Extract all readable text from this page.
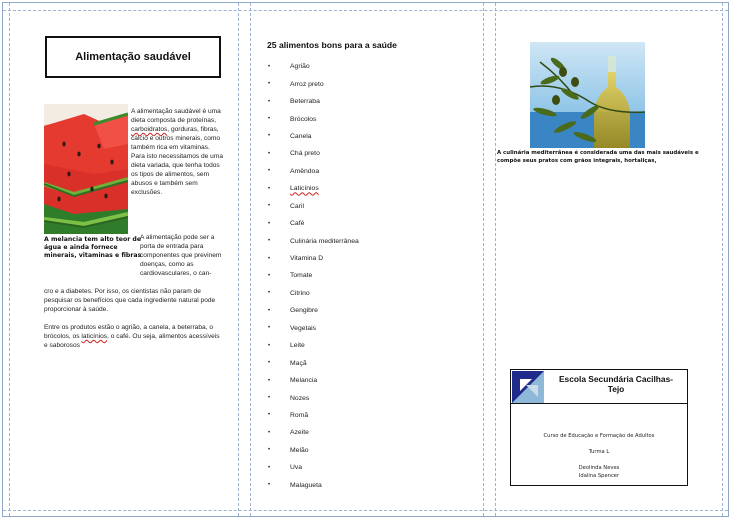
Alimentação saudável
A melancia tem alto teor de água e ainda fornece minerais, vitaminas e fibras
A alimentação saudável é uma dieta composta de proteínas, carboidratos, gorduras, fibras, cálcio e outros minerais, como também rica em vitaminas. Para isto necessitamos de uma dieta variada, que tenha todos os tipos de alimentos, sem abusos e também sem exclusões.
A alimentação pode ser a porta de entrada para componentes que previnem doenças, como as cardiovasculares, o can-
cro e a diabetes. Por isso, os cientistas não param de pesquisar os benefícios que cada ingrediente natural pode proporcionar à saúde.
Entre os produtos estão o agrião, a canela, a beterraba, o brócolos, os laticínios, o café. Ou seja, alimentos acessíveis e saborosos
25 alimentos bons para a saúde
•	Agrião
•	Arroz preto
•	Beterraba
•	Brócolos
•	Canela
•	Chá preto
•	Amêndoa
•	Laticínios
•	Caril
•	Café
•	Culinária mediterrânea
•	Vitamina D
•	Tomate
•	Citrino
•	Gengibre
•	Vegetais
•	Leite
•	Maçã
•	Melancia
•	Nozes
•	Romã
•	Azeite
•	Melão
•	Uva
•	Malagueta
A culinária mediterrânea é considerada uma das mais saudáveis e compõe seus pratos com grãos integrais, hortaliças,
Escola Secundária Cacilhas-Tejo
Curso de Educação e Formação de Adultos
Turma L
Deolinda Neves
Idalina Spencer
